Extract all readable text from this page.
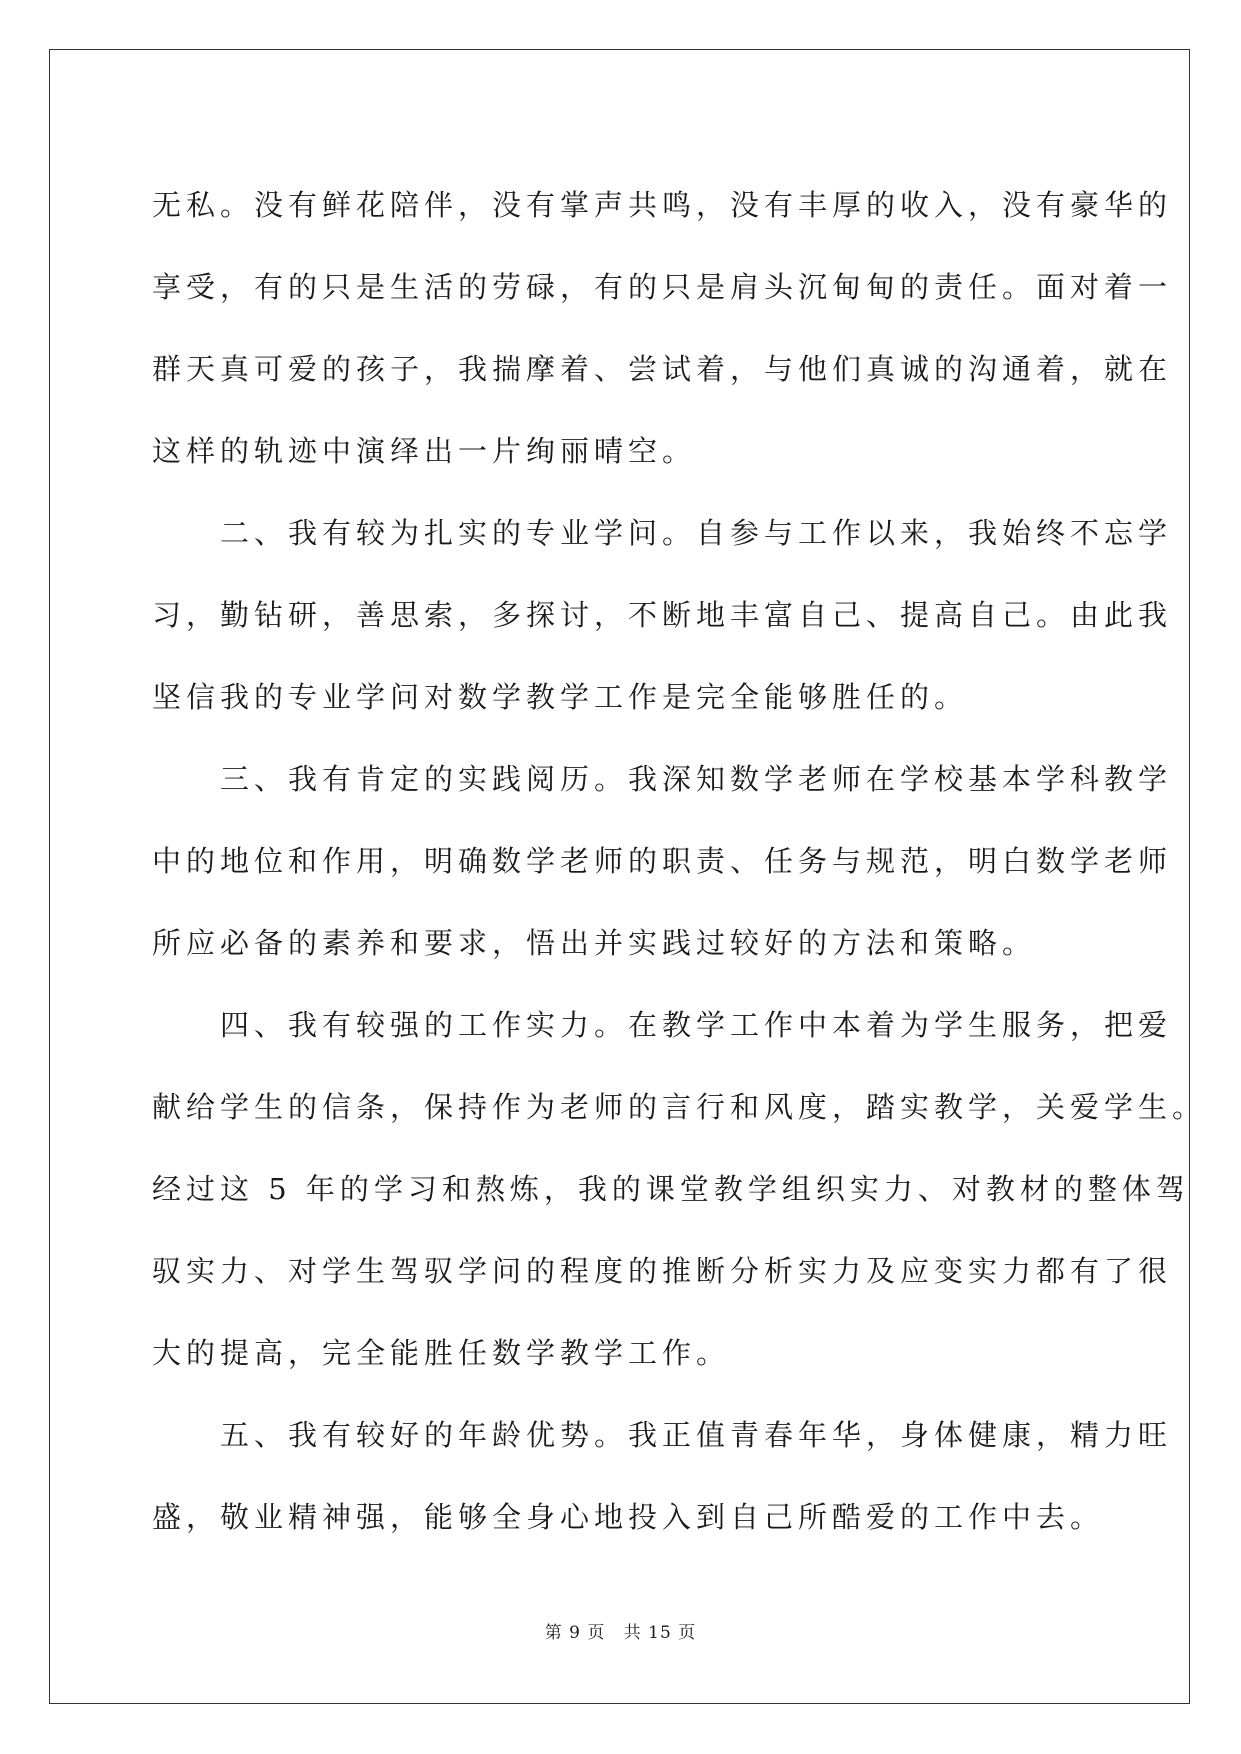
无私。没有鲜花陪伴，没有掌声共鸣，没有丰厚的收入，没有豪华的
享受，有的只是生活的劳碌，有的只是肩头沉甸甸的责任。面对着一
群天真可爱的孩子，我揣摩着、尝试着，与他们真诚的沟通着，就在
这样的轨迹中演绎出一片绚丽晴空。
二、我有较为扎实的专业学问。自参与工作以来，我始终不忘学
习，勤钻研，善思索，多探讨，不断地丰富自己、提高自己。由此我
坚信我的专业学问对数学教学工作是完全能够胜任的。
三、我有肯定的实践阅历。我深知数学老师在学校基本学科教学
中的地位和作用，明确数学老师的职责、任务与规范，明白数学老师
所应必备的素养和要求，悟出并实践过较好的方法和策略。
四、我有较强的工作实力。在教学工作中本着为学生服务，把爱
献给学生的信条，保持作为老师的言行和风度，踏实教学，关爱学生。
经过这 5 年的学习和熬炼，我的课堂教学组织实力、对教材的整体驾
驭实力、对学生驾驭学问的程度的推断分析实力及应变实力都有了很
大的提高，完全能胜任数学教学工作。
五、我有较好的年龄优势。我正值青春年华，身体健康，精力旺
盛，敬业精神强，能够全身心地投入到自己所酷爱的工作中去。
第 9 页 共 15 页
